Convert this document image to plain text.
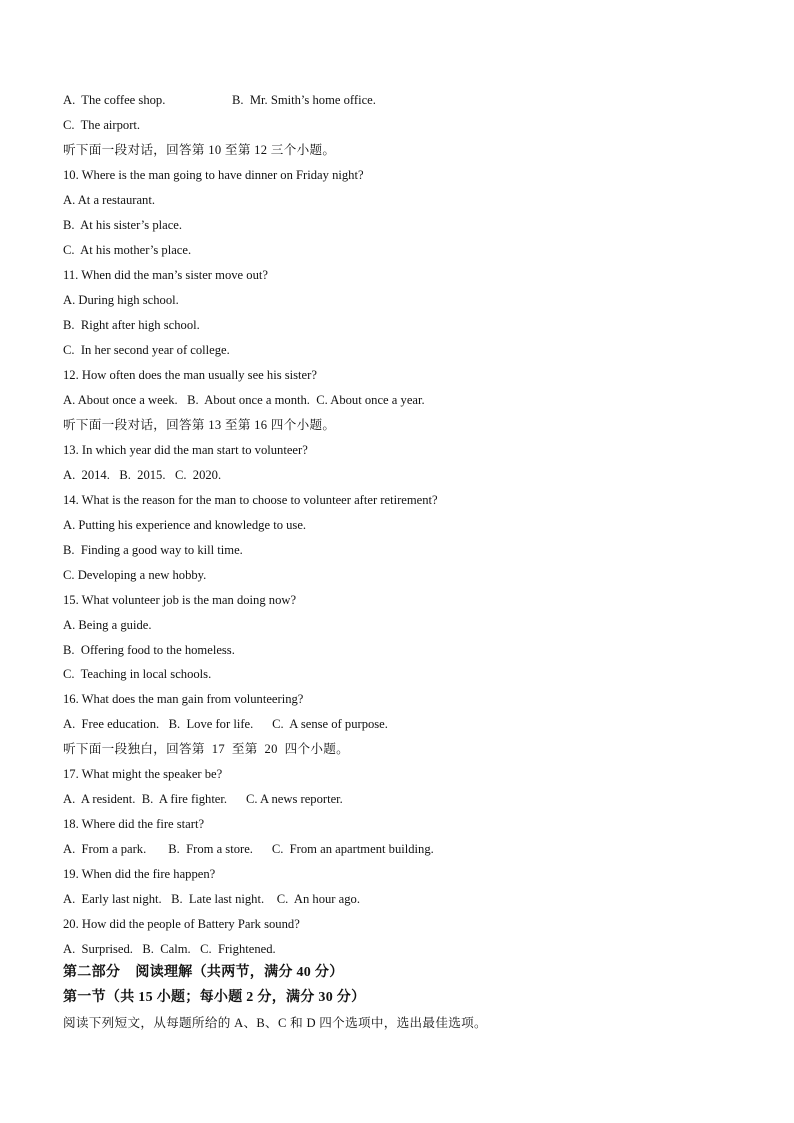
A.  The coffee shop.	B.  Mr. Smith’s home office.
C.  The airport.
听下面一段对话，回答第 10 至第 12 三个小题。
10. Where is the man going to have dinner on Friday night?
A. At a restaurant.
B.  At his sister’s place.
C.  At his mother’s place.
11. When did the man’s sister move out?
A. During high school.
B.  Right after high school.
C.  In her second year of college.
12. How often does the man usually see his sister?
A. About once a week.   B.  About once a month.  C. About once a year.
听下面一段对话，回答第 13 至第 16 四个小题。
13. In which year did the man start to volunteer?
A.  2014.   B.  2015.   C.  2020.
14. What is the reason for the man to choose to volunteer after retirement?
A. Putting his experience and knowledge to use.
B.  Finding a good way to kill time.
C. Developing a new hobby.
15. What volunteer job is the man doing now?
A. Being a guide.
B.  Offering food to the homeless.
C.  Teaching in local schools.
16. What does the man gain from volunteering?
A.  Free education.   B.  Love for life.      C.  A sense of purpose.
听下面一段独白，回答第  17  至第  20  四个小题。
17. What might the speaker be?
A.  A resident.  B.  A fire fighter.      C. A news reporter.
18. Where did the fire start?
A.  From a park.       B.  From a store.      C.  From an apartment building.
19. When did the fire happen?
A.  Early last night.   B.  Late last night.    C.  An hour ago.
20. How did the people of Battery Park sound?
A.  Surprised.   B.  Calm.   C.  Frightened.
第二部分    阅读理解（共两节，满分 40 分）
第一节（共 15 小题；每小题 2 分，满分 30 分）
阅读下列短文，从每题所给的 A、B、C 和 D 四个选项中，选出最佳选项。
